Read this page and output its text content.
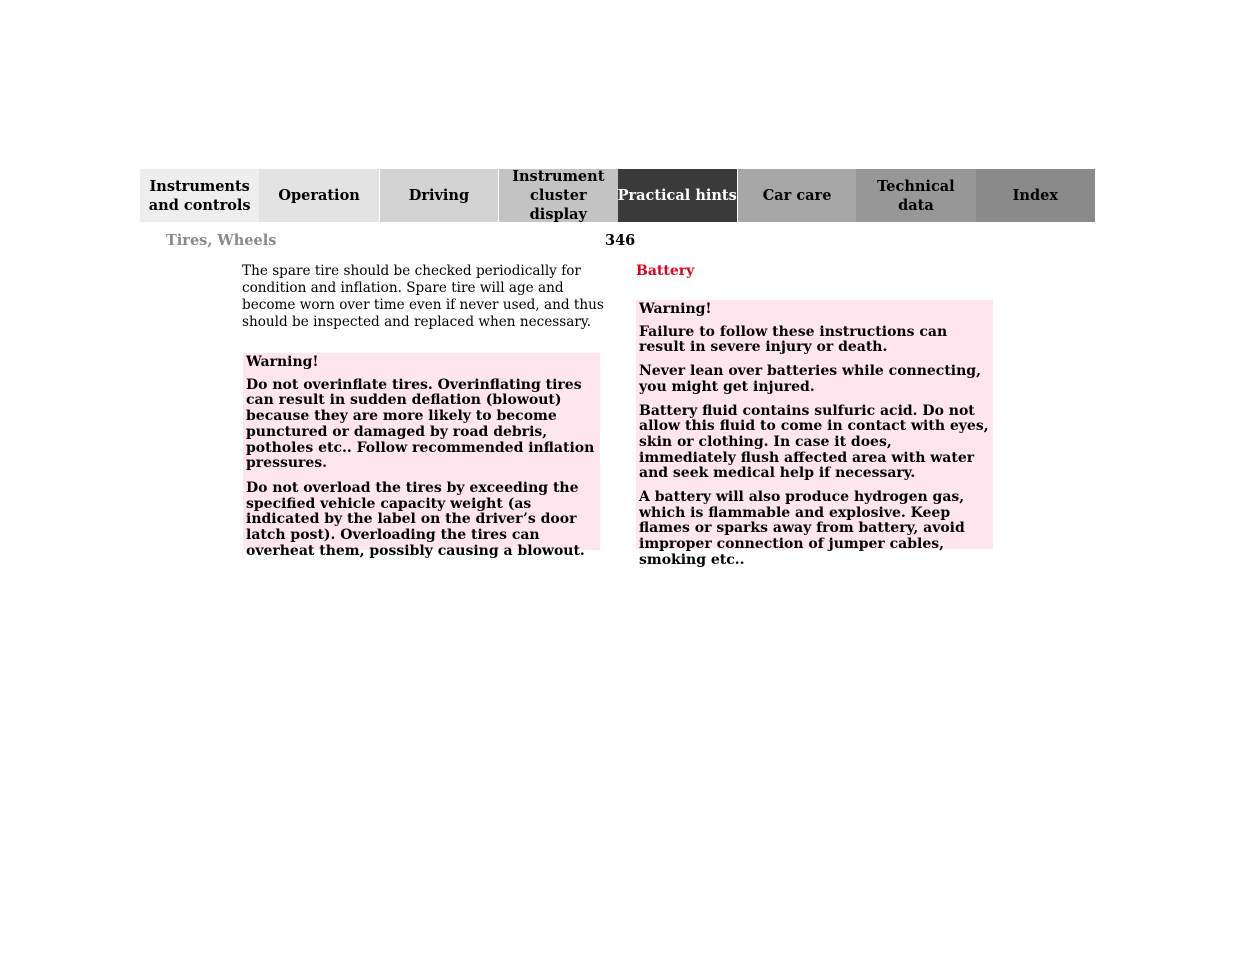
Instruments
and controls
Operation	Driving
Instrument
cluster display
Practical hints	Car care
Technical
data
Index
Tires, Wheels	346

The spare tire should be checked periodically for condition and inflation. Spare tire will age and become worn over time even if never used, and thus should be inspected and replaced when necessary.

Warning!

Do not overinflate tires. Overinflating tires can result in sudden deflation (blowout) because they are more likely to become punctured or damaged by road debris, potholes etc.. Follow recommended inflation pressures.

Do not overload the tires by exceeding the specified vehicle capacity weight (as indicated by the label on the driver’s door latch post). Overloading the tires can overheat them, possibly causing a blowout.

Battery

Warning!

Failure to follow these instructions can result in severe injury or death.

Never lean over batteries while connecting, you might get injured.

Battery fluid contains sulfuric acid. Do not allow this fluid to come in contact with eyes, skin or clothing. In case it does, immediately flush affected area with water and seek medical help if necessary.

A battery will also produce hydrogen gas, which is flammable and explosive. Keep flames or sparks away from battery, avoid improper connection of jumper cables, smoking etc..
